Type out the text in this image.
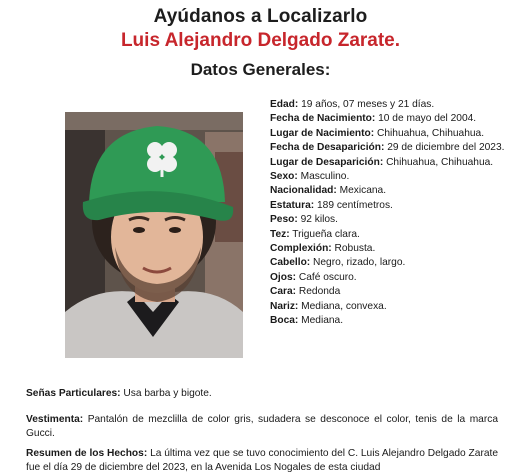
Ayúdanos a Localizarlo
Luis Alejandro Delgado Zarate.
Datos Generales:

Edad: 19 años, 07 meses y 21 días.

Fecha de Nacimiento: 10 de mayo del 2004.

Lugar de Nacimiento: Chihuahua, Chihuahua.

Fecha de Desaparición: 29 de diciembre del 2023.

Lugar de Desaparición: Chihuahua, Chihuahua.

Sexo: Masculino.

Nacionalidad: Mexicana.

Estatura: 189 centímetros.

Peso: 92 kilos.

Tez: Trigueña clara.

Complexión: Robusta.

Cabello: Negro, rizado, largo.

Ojos: Café oscuro.

Cara: Redonda

Nariz: Mediana, convexa.

Boca: Mediana.

Señas Particulares: Usa barba y bigote.
Vestimenta: Pantalón de mezclilla de color gris, sudadera se desconoce el color, tenis de la marca Gucci.
Resumen de los Hechos: La última vez que se tuvo conocimiento del C. Luis Alejandro Delgado Zarate fue el día 29 de diciembre del 2023, en la Avenida Los Nogales de esta ciudad
